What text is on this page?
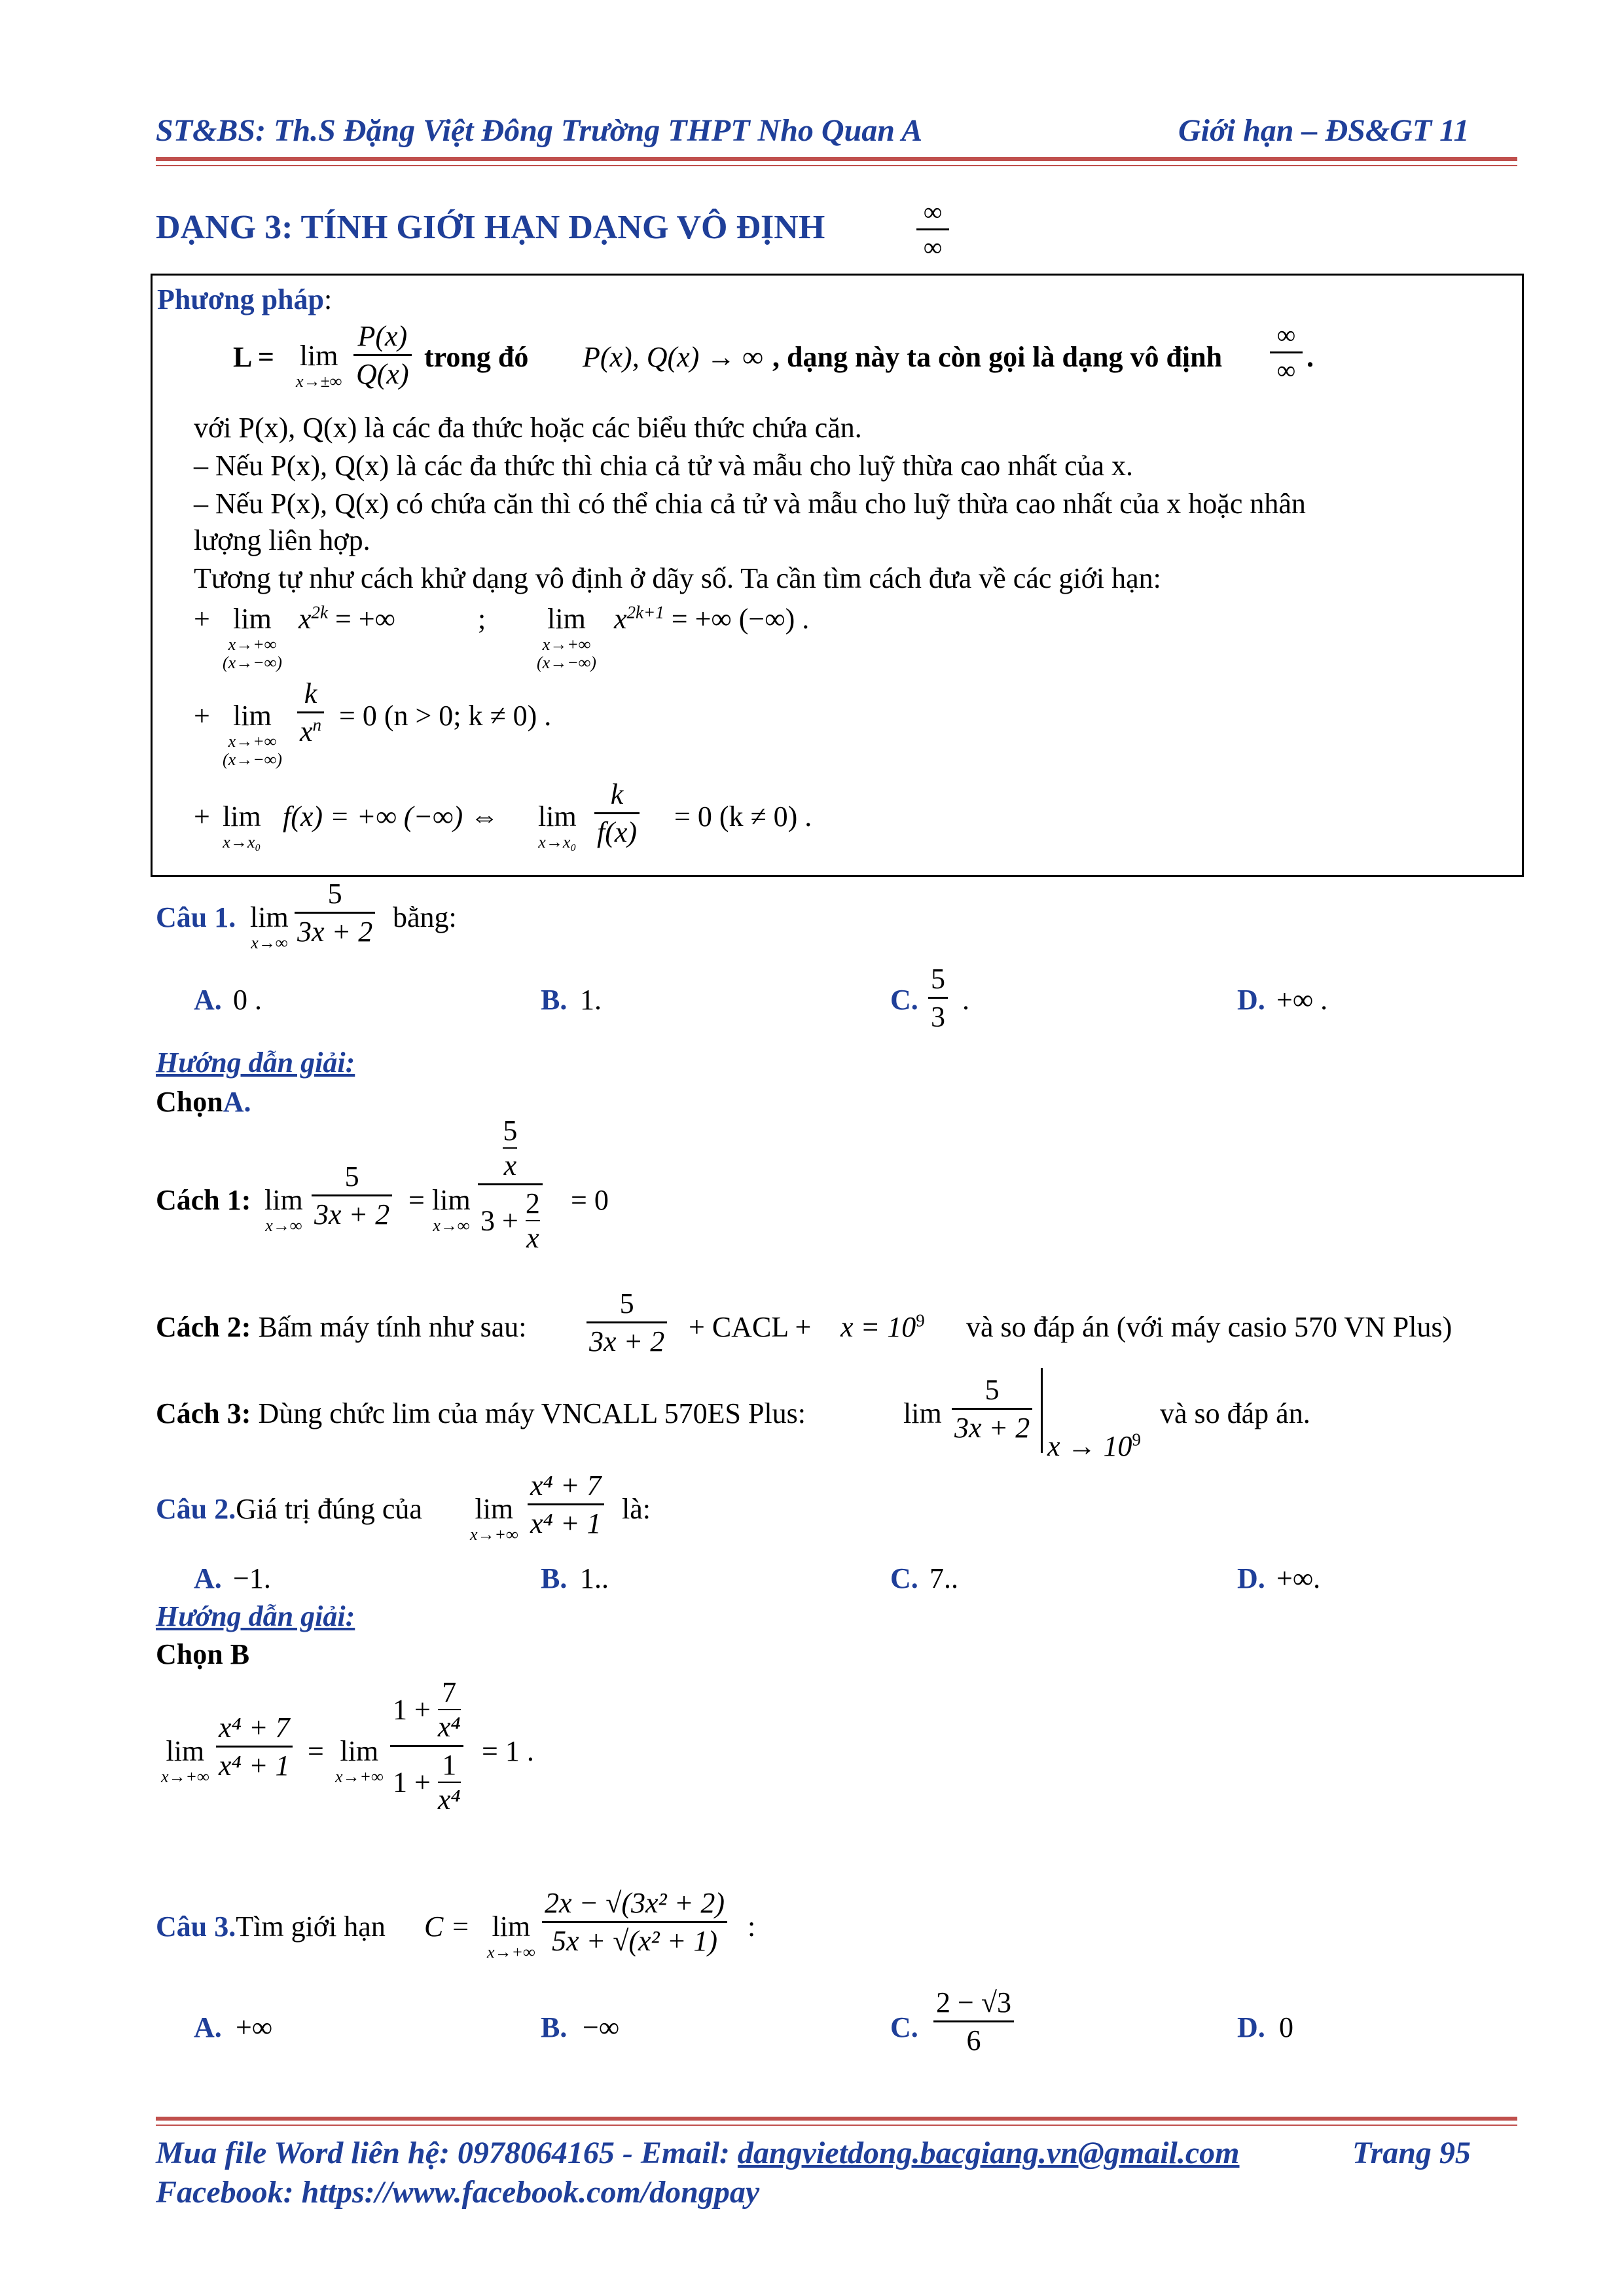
ST&BS: Th.S Đặng Việt Đông Trường THPT Nho Quan A	Giới hạn – ĐS&GT 11
DẠNG 3: TÍNH GIỚI HẠN DẠNG VÔ ĐỊNH	∞
∞
Phương pháp:
L = lim
x→±∞
P(x)
Q(x)
trong đó P(x), Q(x) → ∞ , dạng này ta còn gọi là dạng vô định
∞
∞ .
với P(x), Q(x) là các đa thức hoặc các biểu thức chứa căn.
– Nếu P(x), Q(x) là các đa thức thì chia cả tử và mẫu cho luỹ thừa cao nhất của x.
– Nếu P(x), Q(x) có chứa căn thì có thể chia cả tử và mẫu cho luỹ thừa cao nhất của x hoặc nhân
lượng liên hợp.
Tương tự như cách khử dạng vô định ở dãy số. Ta cần tìm cách đưa về các giới hạn:
+ lim
x→+∞
(x→−∞)
$x^{2k}$ = +∞	;	lim
x→+∞
(x→−∞)
$x^{2k+1}$ = +∞ (−∞) .
+ lim
x→+∞
(x→−∞)
k
$x^n = 0$ (n > 0; k ≠ 0) .
+ lim
x→x₀
f(x) = +∞ (−∞) ⇔ lim
x→x₀
k
f(x) = 0 (k ≠ 0) .
Câu 1. lim
x→∞
5
3x + 2 bằng:
A. 0 .	B. 1.	C.
5
3
.	D. +∞ .
Hướng dẫn giải:
ChọnA.
Cách 1: lim
x→∞
5
3x + 2 = lim
x→∞
$\frac{5}{x}$
$3 + \frac{2}{x} = 0$
Cách 2: Bấm máy tính như sau:
5
3x + 2 + CACL + $x = 10^9$ và so đáp án (với máy casio 570 VN Plus)
Cách 3: Dùng chức lim của máy VNCALL 570ES Plus:	lim
5
3x + 2
$x \to 10^9$
và so đáp án.
Câu 2.Giá trị đúng của lim
x→+∞
x⁴ + 7
x⁴ + 1 là:
A. −1.	B. 1..	C. 7..	D. +∞.
Hướng dẫn giải:
Chọn B
lim
x→+∞
x⁴ + 7
x⁴ + 1 = lim
x→+∞
$1 + \frac{7}{\text{x⁴}}$
$1 + \frac{1}{\text{x⁴}} = 1$ .
Câu 3.Tìm giới hạn C = lim
x→+∞
2x − √(3x² + 2)
5x + √(x² + 1)	:
A. +∞	B. −∞	C.
2 − √3
6	D. 0
Mua file Word liên hệ: 0978064165 - Email: dangvietdong.bacgiang.vn@gmail.com	Trang 95
Facebook: https://www.facebook.com/dongpay
